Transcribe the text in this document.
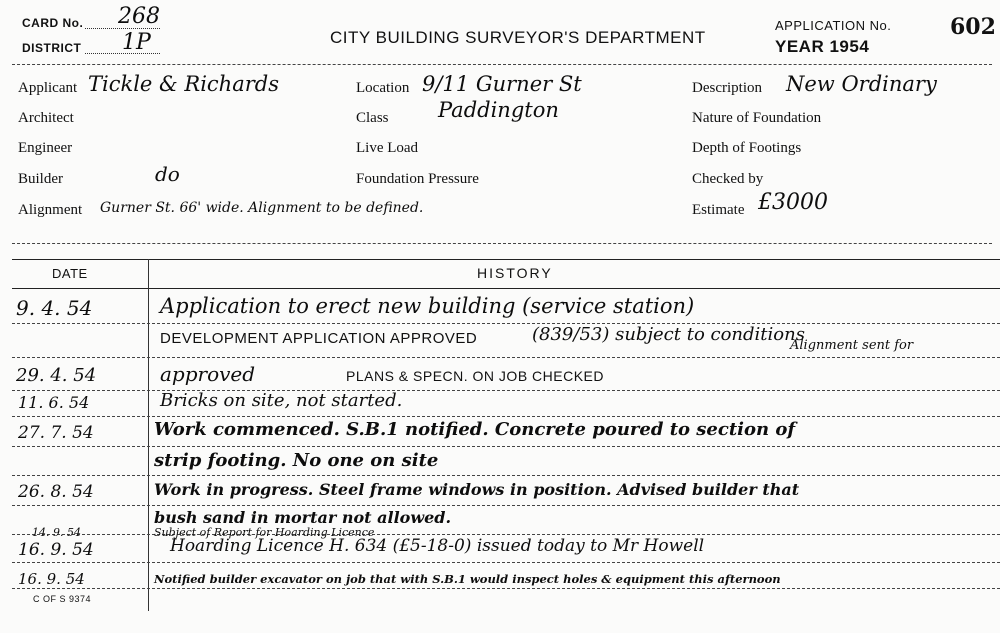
CARD No. 268
DISTRICT 1P	CITY BUILDING SURVEYOR'S DEPARTMENT
APPLICATION No.	602
YEAR 1954
Applicant Tickle & Richards	Location 9/11 Gurner St	Description New Ordinary
Architect	Class Paddington	Nature of Foundation
Engineer	Live Load	Depth of Footings
Builder	do	Foundation Pressure	Checked by
Alignment Gurner St. 66' wide. Alignment to be defined.	Estimate £3000
DATE	HISTORY
9. 4. 54	Application to erect new building (service station)
DEVELOPMENT APPLICATION APPROVED	(839/53) subject to conditions
Alignment sent for
29. 4. 54	approved	PLANS & SPECN. ON JOB CHECKED
11. 6. 54	Bricks on site, not started.
27. 7. 54	Work commenced. S.B.1 notified. Concrete poured to section of
strip footing. No one on site
26. 8. 54	Work in progress. Steel frame windows in position. Advised builder that
bush sand in mortar not allowed.
14. 9. 54	Subject of Report for Hoarding Licence
16. 9. 54	Hoarding Licence H. 634 (£5-18-0) issued today to Mr Howell
16. 9. 54	Notified builder excavator on job that with S.B.1 would inspect holes & equipment this afternoon
C OF S 9374
